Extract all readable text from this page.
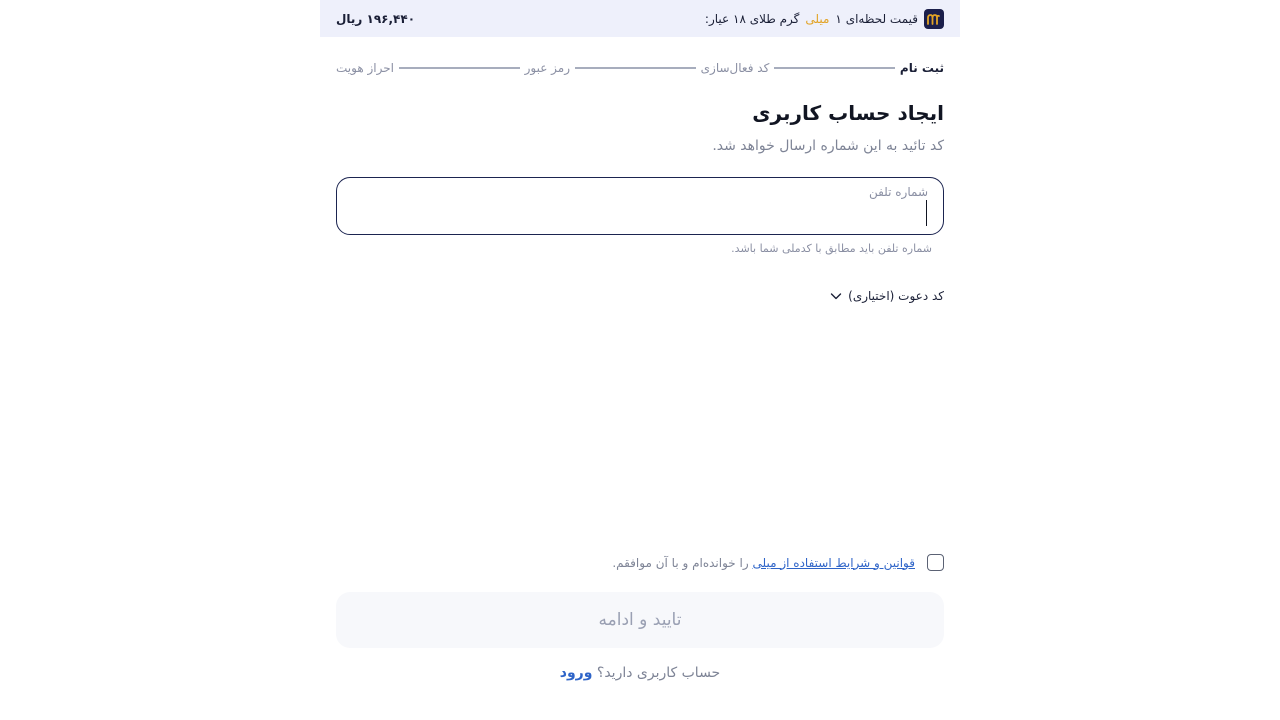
قیمت لحظه‌ای ۱
میلی
گرم طلای ۱۸ عیار:
۱۹۶,۴۴۰ ریال
ثبت نام
کد فعال‌سازی
رمز عبور
احراز هویت
ایجاد حساب کاربری
کد تائید به این شماره ارسال خواهد شد.
شماره تلفن
شماره تلفن باید مطابق با کدملی شما باشد.
کد دعوت (اختیاری)
قوانین و شرایط استفاده از میلی را خوانده‌ام و با آن موافقم.
تایید و ادامه
حساب کاربری دارید؟ ورود
